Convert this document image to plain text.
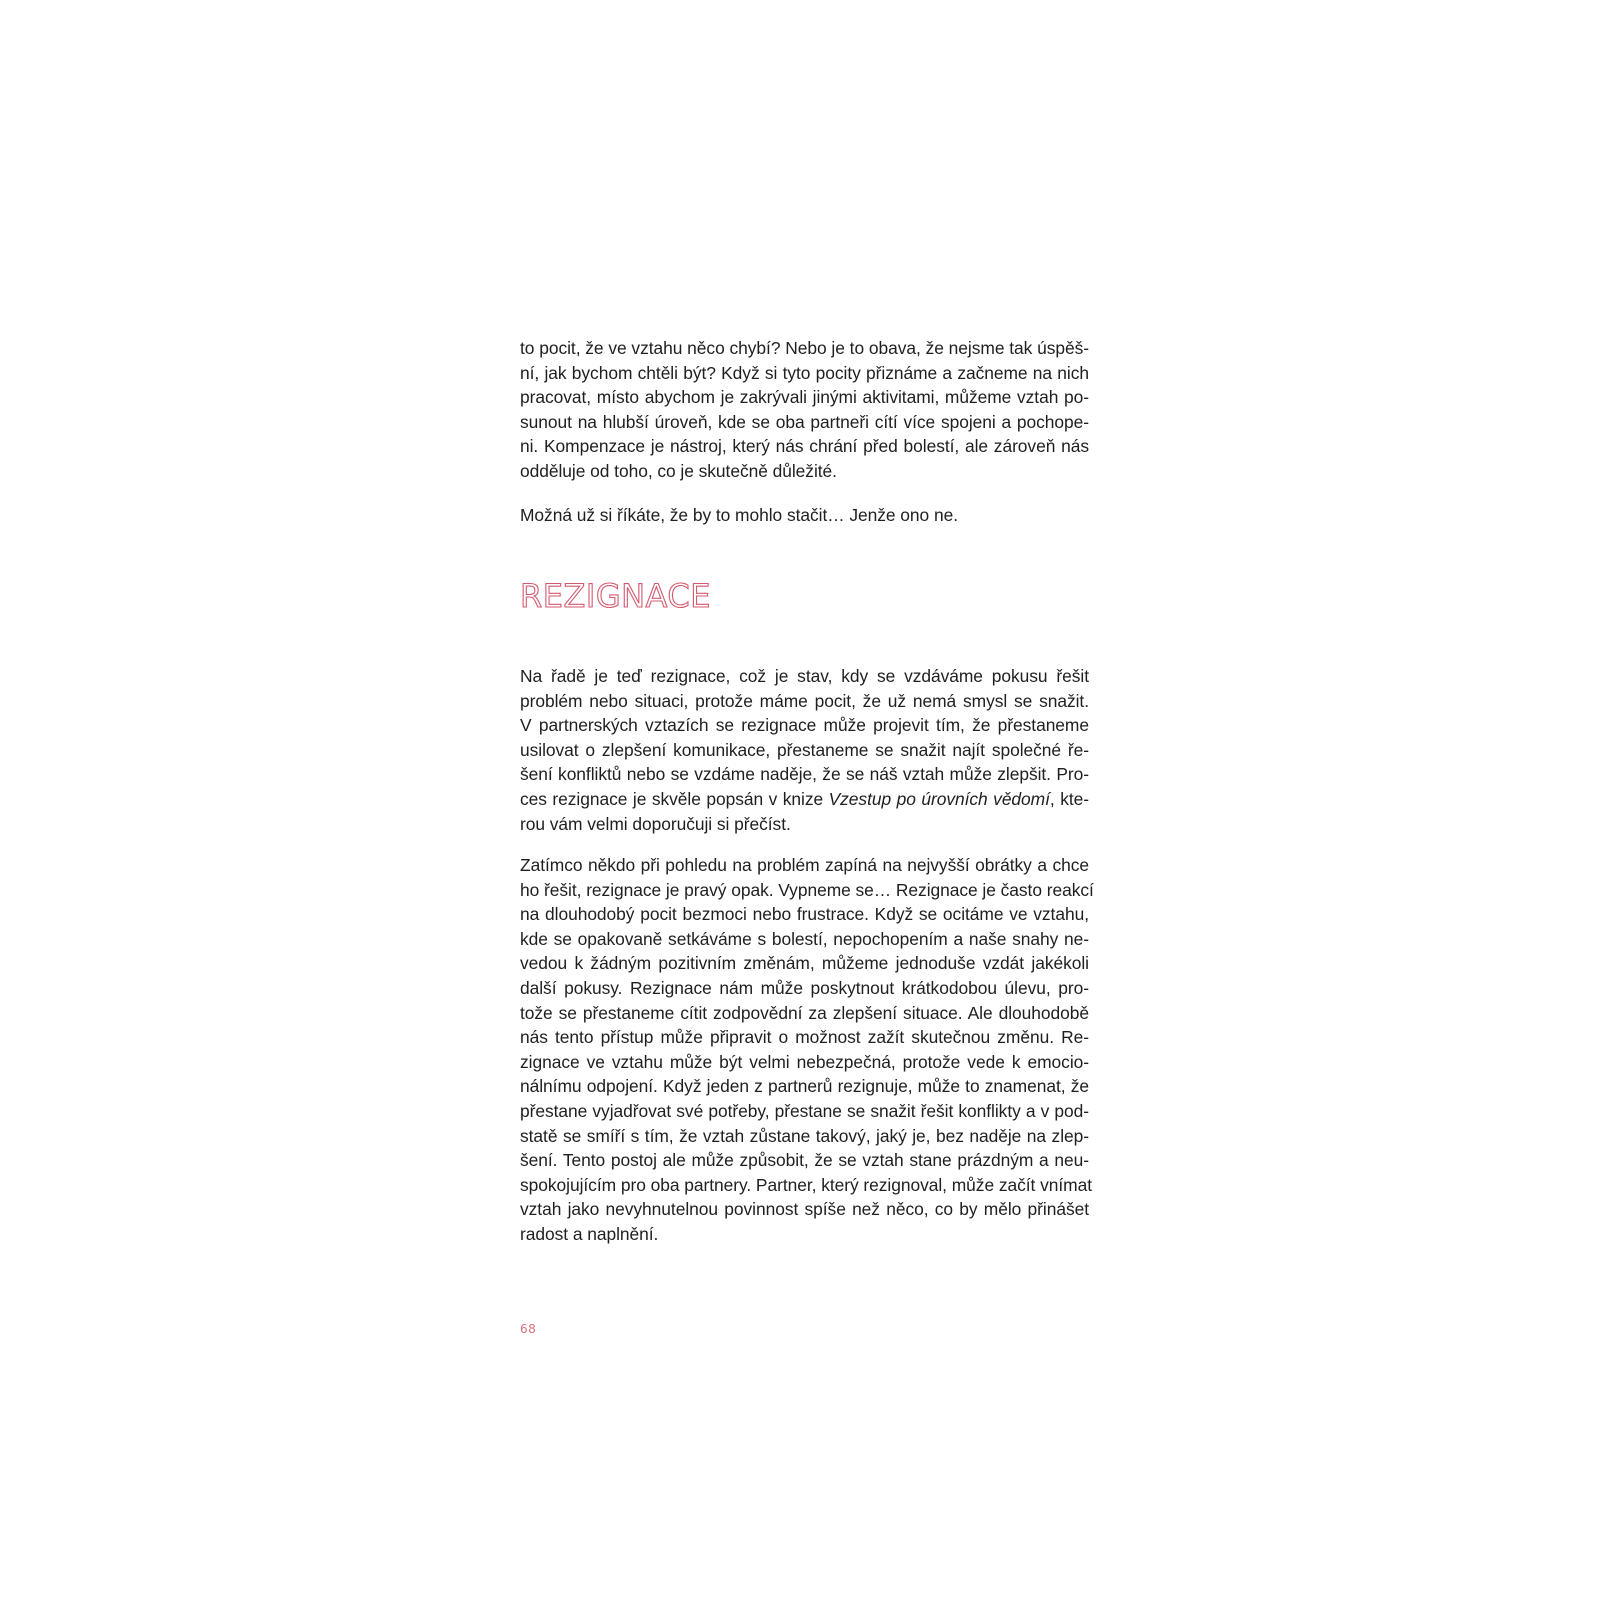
to pocit, že ve vztahu něco chybí? Nebo je to obava, že nejsme tak úspěš-
ní, jak bychom chtěli být? Když si tyto pocity přiznáme a začneme na nich
pracovat, místo abychom je zakrývali jinými aktivitami, můžeme vztah po-
sunout na hlubší úroveň, kde se oba partneři cítí více spojeni a pochope-
ni. Kompenzace je nástroj, který nás chrání před bolestí, ale zároveň nás
odděluje od toho, co je skutečně důležité.
Možná už si říkáte, že by to mohlo stačit… Jenže ono ne.
REZIGNACE
Na řadě je teď rezignace, což je stav, kdy se vzdáváme pokusu řešit
problém nebo situaci, protože máme pocit, že už nemá smysl se snažit.
V partnerských vztazích se rezignace může projevit tím, že přestaneme
usilovat o zlepšení komunikace, přestaneme se snažit najít společné ře-
šení konfliktů nebo se vzdáme naděje, že se náš vztah může zlepšit. Pro-
ces rezignace je skvěle popsán v knize Vzestup po úrovních vědomí, kte-
rou vám velmi doporučuji si přečíst.
Zatímco někdo při pohledu na problém zapíná na nejvyšší obrátky a chce
ho řešit, rezignace je pravý opak. Vypneme se… Rezignace je často reakcí
na dlouhodobý pocit bezmoci nebo frustrace. Když se ocitáme ve vztahu,
kde se opakovaně setkáváme s bolestí, nepochopením a naše snahy ne-
vedou k žádným pozitivním změnám, můžeme jednoduše vzdát jakékoli
další pokusy. Rezignace nám může poskytnout krátkodobou úlevu, pro-
tože se přestaneme cítit zodpovědní za zlepšení situace. Ale dlouhodobě
nás tento přístup může připravit o možnost zažít skutečnou změnu. Re-
zignace ve vztahu může být velmi nebezpečná, protože vede k emocio-
nálnímu odpojení. Když jeden z partnerů rezignuje, může to znamenat, že
přestane vyjadřovat své potřeby, přestane se snažit řešit konflikty a v pod-
statě se smíří s tím, že vztah zůstane takový, jaký je, bez naděje na zlep-
šení. Tento postoj ale může způsobit, že se vztah stane prázdným a neu-
spokojujícím pro oba partnery. Partner, který rezignoval, může začít vnímat
vztah jako nevyhnutelnou povinnost spíše než něco, co by mělo přinášet
radost a naplnění.
68
